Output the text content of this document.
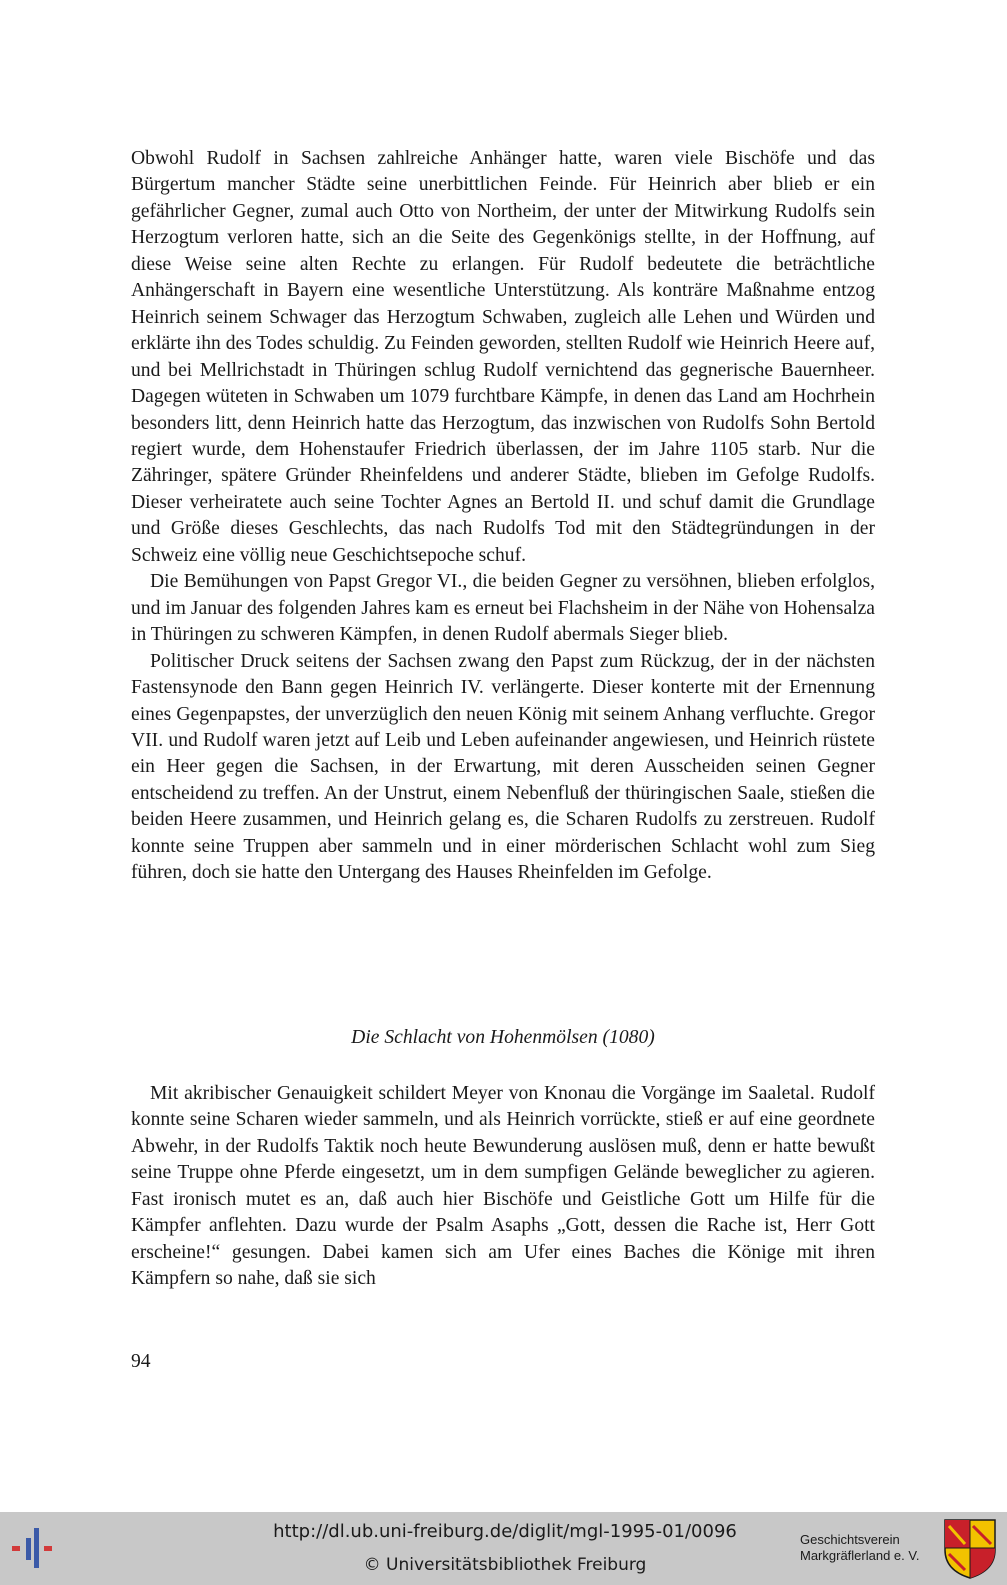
Obwohl Rudolf in Sachsen zahlreiche Anhänger hatte, waren viele Bischöfe und das Bürgertum mancher Städte seine unerbittlichen Feinde. Für Heinrich aber blieb er ein gefährlicher Gegner, zumal auch Otto von Northeim, der unter der Mitwirkung Rudolfs sein Herzogtum verloren hatte, sich an die Seite des Gegenkönigs stellte, in der Hoffnung, auf diese Weise seine alten Rechte zu erlangen. Für Rudolf bedeutete die beträchtliche Anhängerschaft in Bayern eine wesentliche Unterstützung. Als konträre Maßnahme entzog Heinrich seinem Schwager das Herzogtum Schwaben, zugleich alle Lehen und Würden und erklärte ihn des Todes schuldig. Zu Feinden geworden, stellten Rudolf wie Heinrich Heere auf, und bei Mellrichstadt in Thüringen schlug Rudolf vernichtend das gegnerische Bauernheer. Dagegen wüteten in Schwaben um 1079 furchtbare Kämpfe, in denen das Land am Hochrhein besonders litt, denn Heinrich hatte das Herzogtum, das inzwischen von Rudolfs Sohn Bertold regiert wurde, dem Hohenstaufer Friedrich überlassen, der im Jahre 1105 starb. Nur die Zähringer, spätere Gründer Rheinfeldens und anderer Städte, blieben im Gefolge Rudolfs. Dieser verheiratete auch seine Tochter Agnes an Bertold II. und schuf damit die Grundlage und Größe dieses Geschlechts, das nach Rudolfs Tod mit den Städtegründungen in der Schweiz eine völlig neue Geschichtsepoche schuf.

Die Bemühungen von Papst Gregor VI., die beiden Gegner zu versöhnen, blieben erfolglos, und im Januar des folgenden Jahres kam es erneut bei Flachsheim in der Nähe von Hohensalza in Thüringen zu schweren Kämpfen, in denen Rudolf abermals Sieger blieb.

Politischer Druck seitens der Sachsen zwang den Papst zum Rückzug, der in der nächsten Fastensynode den Bann gegen Heinrich IV. verlängerte. Dieser konterte mit der Ernennung eines Gegenpapstes, der unverzüglich den neuen König mit seinem Anhang verfluchte. Gregor VII. und Rudolf waren jetzt auf Leib und Leben aufeinander angewiesen, und Heinrich rüstete ein Heer gegen die Sachsen, in der Erwartung, mit deren Ausscheiden seinen Gegner entscheidend zu treffen. An der Unstrut, einem Nebenfluß der thüringischen Saale, stießen die beiden Heere zusammen, und Heinrich gelang es, die Scharen Rudolfs zu zerstreuen. Rudolf konnte seine Truppen aber sammeln und in einer mörderischen Schlacht wohl zum Sieg führen, doch sie hatte den Untergang des Hauses Rheinfelden im Gefolge.

Die Schlacht von Hohenmölsen (1080)

Mit akribischer Genauigkeit schildert Meyer von Knonau die Vorgänge im Saaletal. Rudolf konnte seine Scharen wieder sammeln, und als Heinrich vorrückte, stieß er auf eine geordnete Abwehr, in der Rudolfs Taktik noch heute Bewunderung auslösen muß, denn er hatte bewußt seine Truppe ohne Pferde eingesetzt, um in dem sumpfigen Gelände beweglicher zu agieren. Fast ironisch mutet es an, daß auch hier Bischöfe und Geistliche Gott um Hilfe für die Kämpfer anflehten. Dazu wurde der Psalm Asaphs „Gott, dessen die Rache ist, Herr Gott erscheine!“ gesungen. Dabei kamen sich am Ufer eines Baches die Könige mit ihren Kämpfern so nahe, daß sie sich

94
http://dl.ub.uni-freiburg.de/diglit/mgl-1995-01/0096
© Universitätsbibliothek Freiburg
Geschichtsverein
Markgräflerland e. V.
